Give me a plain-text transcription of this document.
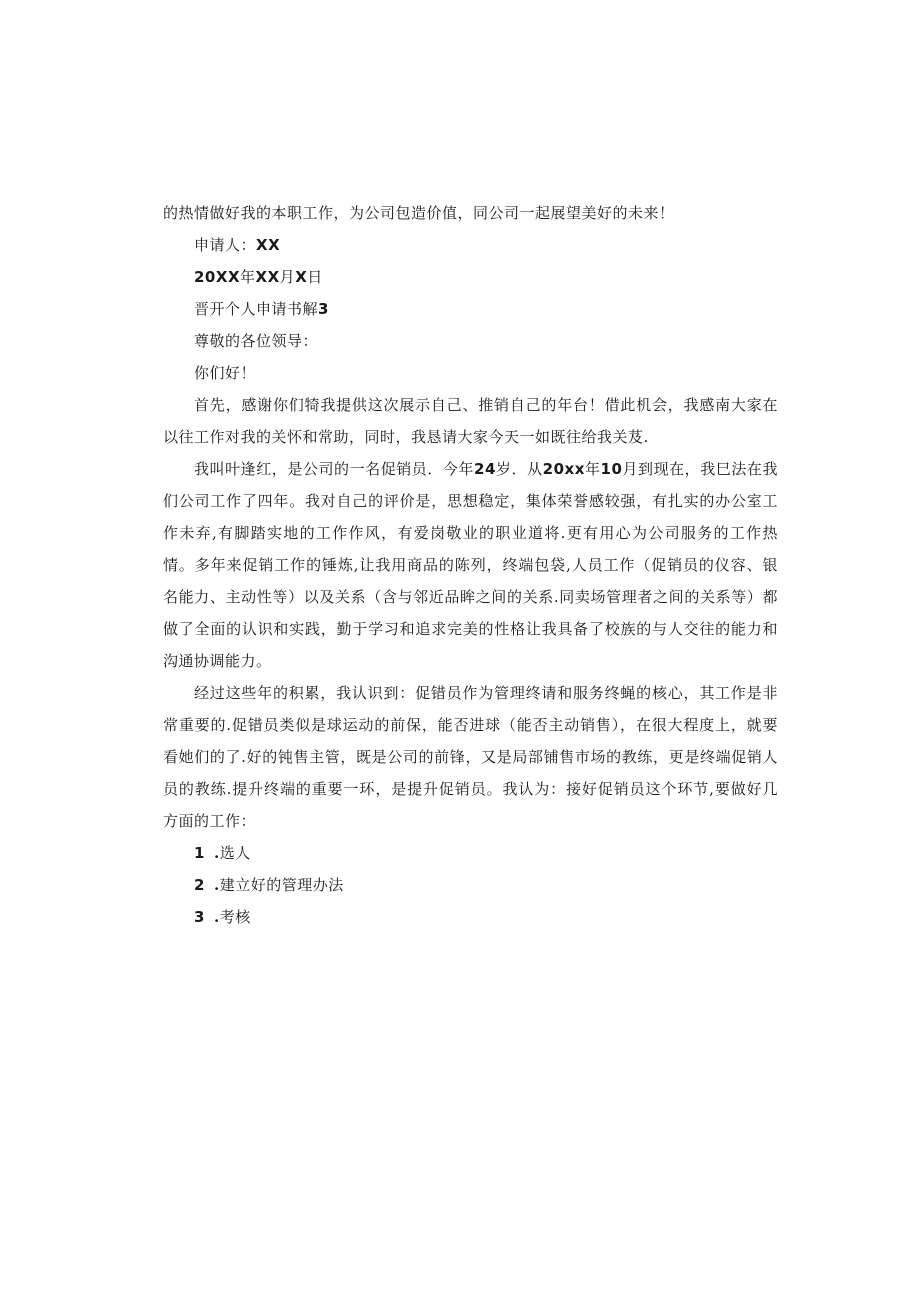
的热情做好我的本职工作，为公司包造价值，同公司一起展望美好的未来！

申请人：XX

20XX年XX月X日

晋开个人申请书解3

尊敬的各位领导：

你们好！

首先，感谢你们犄我提供这次展示自己、推销自己的年台！借此机会，我感南大家在以往工作对我的关怀和常助，同时，我恳请大家今天一如既往给我关芨.

我叫叶逢红，是公司的一名促销员．今年24岁．从20xx年10月到现在，我巳法在我们公司工作了四年。我对自己的评价是，思想稳定，集体荣誉感较强，有扎实的办公室工作未弃,有脚踏实地的工作作风，有爱岗敬业的职业道将.更有用心为公司服务的工作热情。多年来促销工作的锤炼,让我用商品的陈列，终端包袋,人员工作（促销员的仪容、银名能力、主动性等）以及关系（含与邻近品眸之间的关系.同卖场管理者之间的关系等）都做了全面的认识和实践，勤于学习和追求完美的性格让我具备了校族的与人交往的能力和沟通协调能力。

经过这些年的积累，我认识到：促错员作为管理终请和服务终蝇的核心，其工作是非常重要的.促错员类似是球运动的前保，能否进球（能否主动销售），在很大程度上，就要看她们的了.好的钝售主管，既是公司的前锋，又是局部铺售市场的教练，更是终端促销人员的教练.提升终端的重要一环，是提升促销员。我认为：接好促销员这个环节,要做好几方面的工作：

1 .选人

2 .建立好的管理办法

3 .考核
